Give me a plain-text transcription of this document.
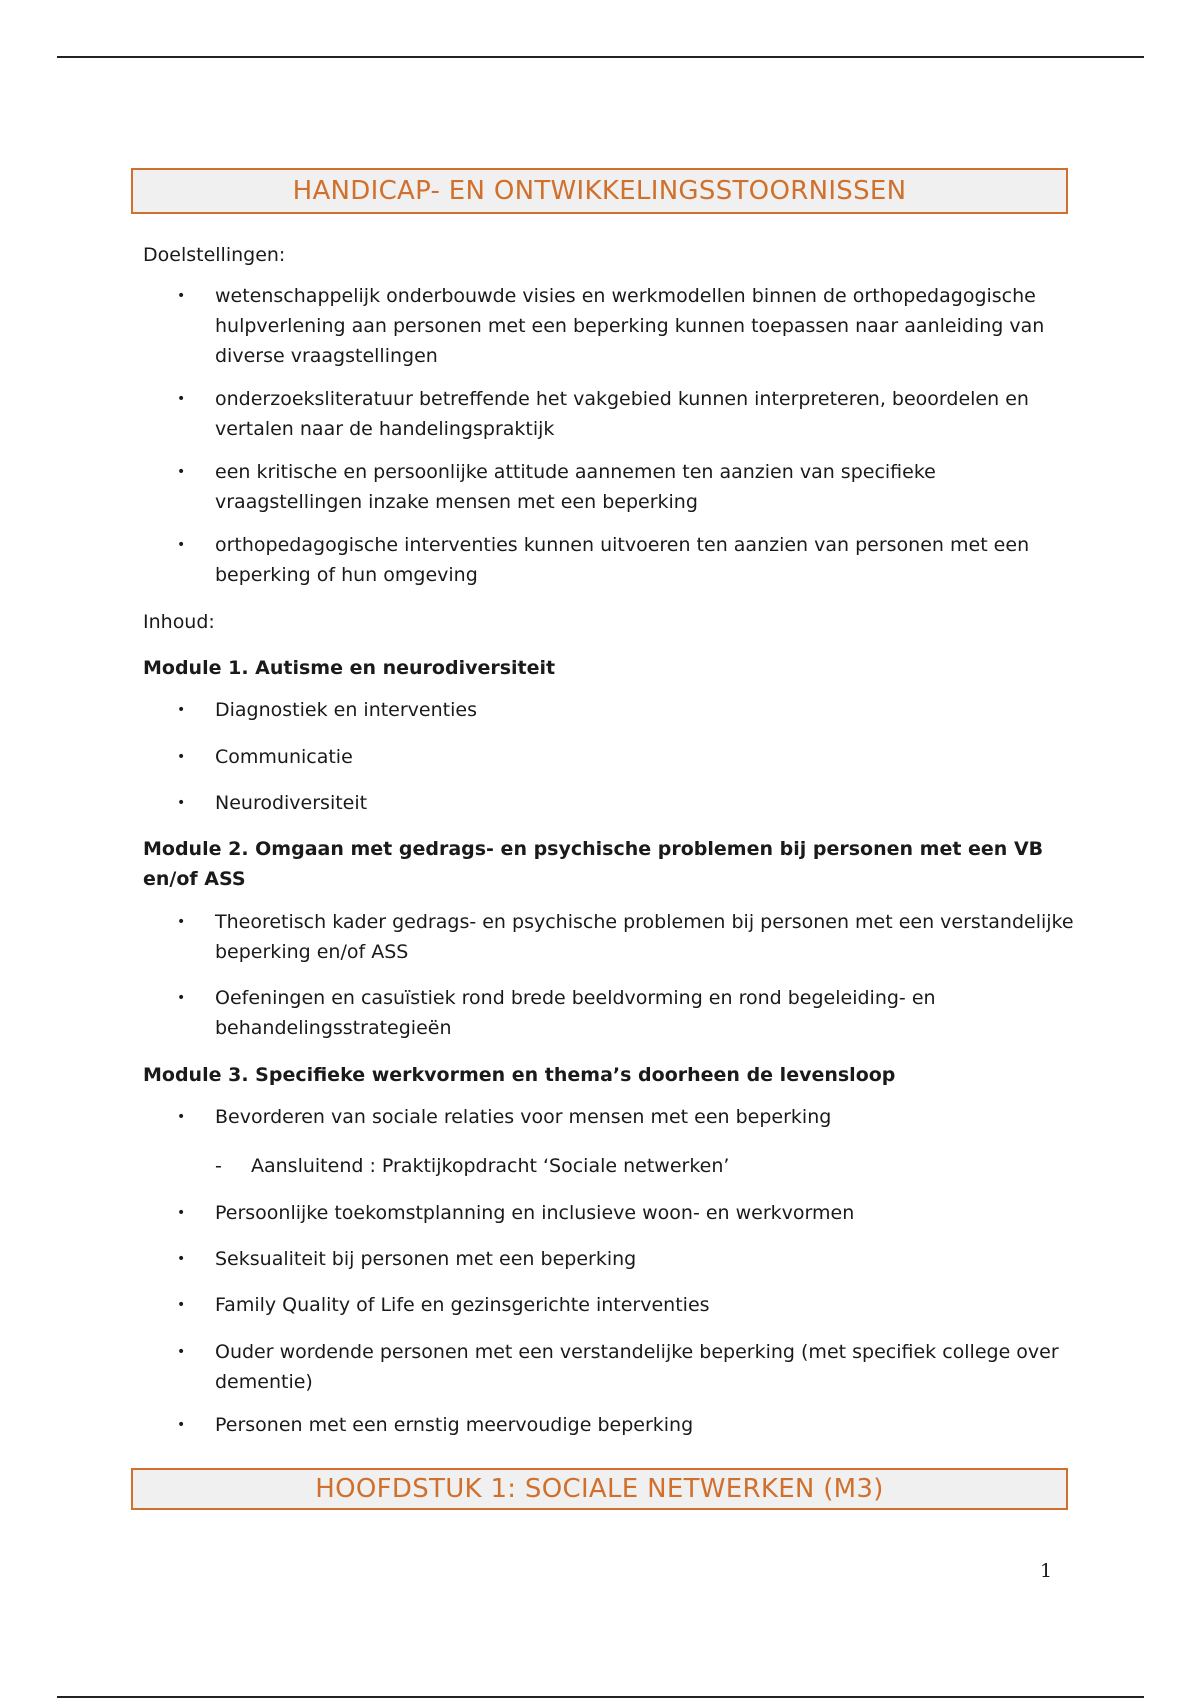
HANDICAP- EN ONTWIKKELINGSSTOORNISSEN
Doelstellingen:
• wetenschappelijk onderbouwde visies en werkmodellen binnen de orthopedagogische hulpverlening aan personen met een beperking kunnen toepassen naar aanleiding van diverse vraagstellingen
• onderzoeksliteratuur betreffende het vakgebied kunnen interpreteren, beoordelen en vertalen naar de handelingspraktijk
• een kritische en persoonlijke attitude aannemen ten aanzien van specifieke vraagstellingen inzake mensen met een beperking
• orthopedagogische interventies kunnen uitvoeren ten aanzien van personen met een beperking of hun omgeving
Inhoud:
Module 1. Autisme en neurodiversiteit
• Diagnostiek en interventies
• Communicatie
• Neurodiversiteit
Module 2. Omgaan met gedrags- en psychische problemen bij personen met een VB en/of ASS
• Theoretisch kader gedrags- en psychische problemen bij personen met een verstandelijke beperking en/of ASS
• Oefeningen en casuïstiek rond brede beeldvorming en rond begeleiding- en behandelingsstrategieën
Module 3. Specifieke werkvormen en thema’s doorheen de levensloop
• Bevorderen van sociale relaties voor mensen met een beperking
- Aansluitend : Praktijkopdracht ‘Sociale netwerken’
• Persoonlijke toekomstplanning en inclusieve woon- en werkvormen
• Seksualiteit bij personen met een beperking
• Family Quality of Life en gezinsgerichte interventies
• Ouder wordende personen met een verstandelijke beperking (met specifiek college over dementie)
• Personen met een ernstig meervoudige beperking
HOOFDSTUK 1: SOCIALE NETWERKEN (M3)
1
